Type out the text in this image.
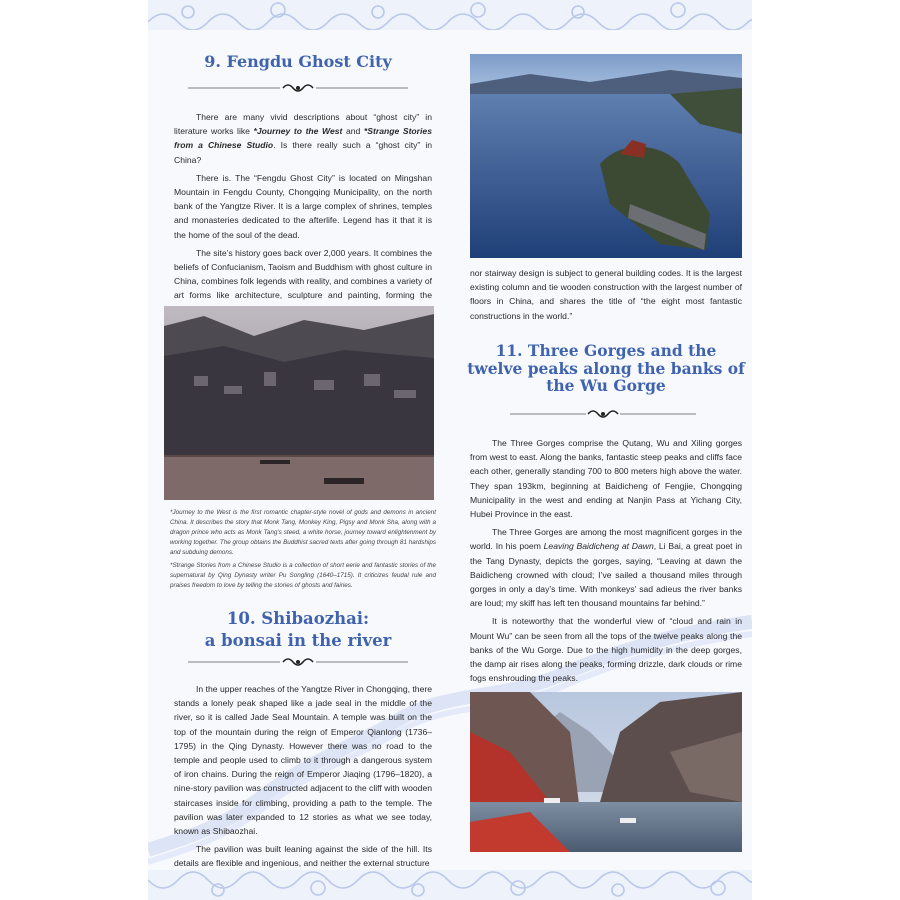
9. Fengdu Ghost City

There are many vivid descriptions about “ghost city” in literature works like *Journey to the West and *Strange Stories from a Chinese Studio. Is there really such a “ghost city” in China?

There is. The “Fengdu Ghost City” is located on Mingshan Mountain in Fengdu County, Chongqing Municipality, on the north bank of the Yangtze River. It is a large complex of shrines, temples and monasteries dedicated to the afterlife. Legend has it that it is the home of the soul of the dead.

The site’s history goes back over 2,000 years. It combines the beliefs of Confucianism, Taoism and Buddhism with ghost culture in China, combines folk legends with reality, and combines a variety of art forms like architecture, sculpture and painting, forming the

*Journey to the West is the first romantic chapter-style novel of gods and demons in ancient China. It describes the story that Monk Tang, Monkey King, Pigsy and Monk Sha, along with a dragon prince who acts as Monk Tang’s steed, a white horse, journey toward enlightenment by working together. The group obtains the Buddhist sacred texts after going through 81 hardships and subduing demons.

*Strange Stories from a Chinese Studio is a collection of short eerie and fantastic stories of the supernatural by Qing Dynasty writer Pu Songling (1640–1715). It criticizes feudal rule and praises freedom to love by telling the stories of ghosts and fairies.

10. Shibaozhai:
a bonsai in the river

In the upper reaches of the Yangtze River in Chongqing, there stands a lonely peak shaped like a jade seal in the middle of the river, so it is called Jade Seal Mountain. A temple was built on the top of the mountain during the reign of Emperor Qianlong (1736–1795) in the Qing Dynasty. However there was no road to the temple and people used to climb to it through a dangerous system of iron chains. During the reign of Emperor Jiaqing (1796–1820), a nine-story pavilion was constructed adjacent to the cliff with wooden staircases inside for climbing, providing a path to the temple. The pavilion was later expanded to 12 stories as what we see today, known as Shibaozhai.

The pavilion was built leaning against the side of the hill. Its details are flexible and ingenious, and neither the external structure

nor stairway design is subject to general building codes. It is the largest existing column and tie wooden construction with the largest number of floors in China, and shares the title of “the eight most fantastic constructions in the world.”

11. Three Gorges and the
twelve peaks along the banks of
the Wu Gorge

The Three Gorges comprise the Qutang, Wu and Xiling gorges from west to east. Along the banks, fantastic steep peaks and cliffs face each other, generally standing 700 to 800 meters high above the water. They span 193km, beginning at Baidicheng of Fengjie, Chongqing Municipality in the west and ending at Nanjin Pass at Yichang City, Hubei Province in the east.

The Three Gorges are among the most magnificent gorges in the world. In his poem Leaving Baidicheng at Dawn, Li Bai, a great poet in the Tang Dynasty, depicts the gorges, saying, “Leaving at dawn the Baidicheng crowned with cloud; I’ve sailed a thousand miles through gorges in only a day’s time. With monkeys’ sad adieus the river banks are loud; my skiff has left ten thousand mountains far behind.”

It is noteworthy that the wonderful view of “cloud and rain in Mount Wu” can be seen from all the tops of the twelve peaks along the banks of the Wu Gorge. Due to the high humidity in the deep gorges, the damp air rises along the peaks, forming drizzle, dark clouds or rime fogs enshrouding the peaks.
